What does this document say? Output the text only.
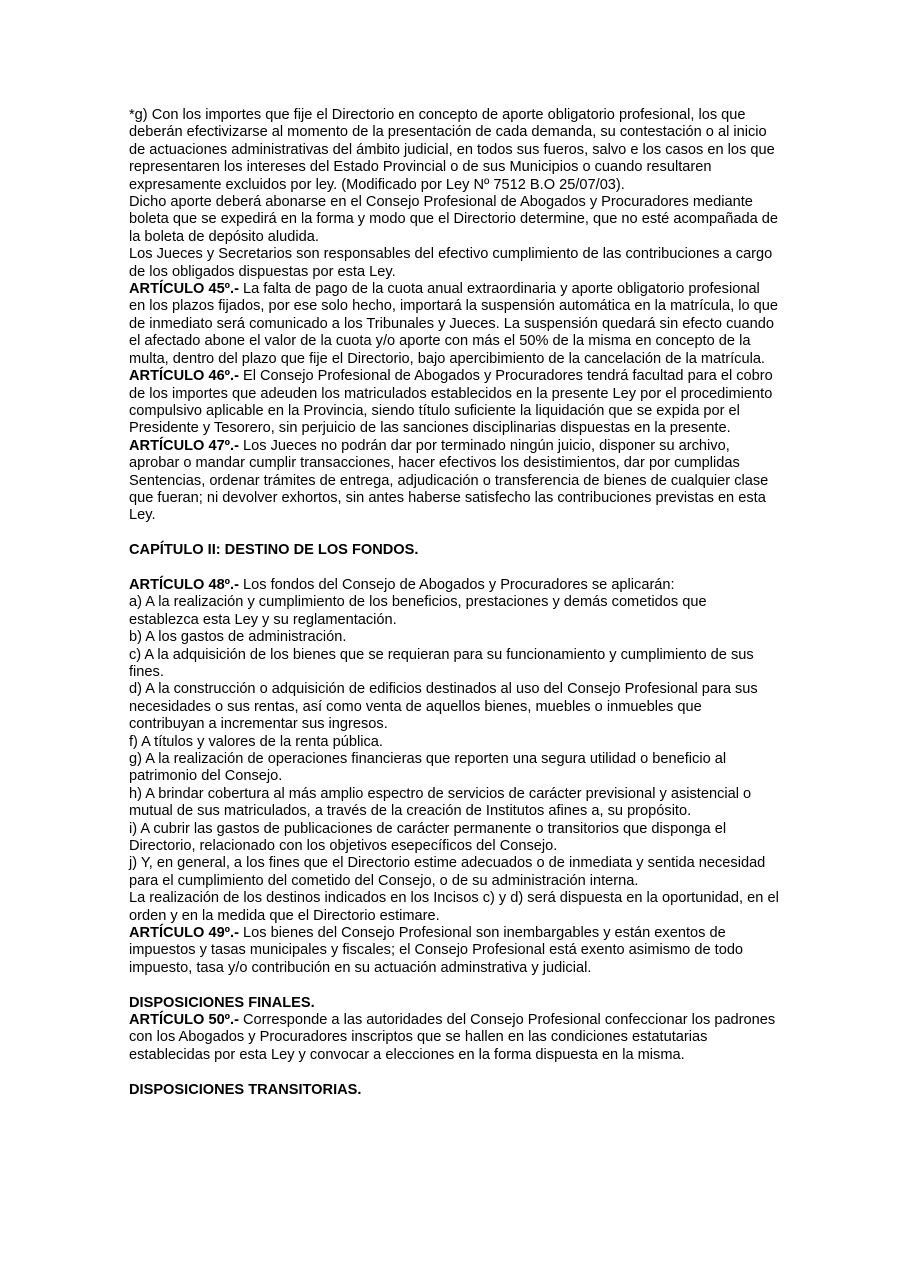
*g) Con los importes que fije el Directorio en concepto de aporte obligatorio profesional, los que deberán efectivizarse al momento de la presentación de cada demanda, su contestación o al inicio de actuaciones administrativas del ámbito judicial, en todos sus fueros, salvo e los casos en los que representaren los intereses del Estado Provincial o de sus Municipios o cuando resultaren expresamente excluidos por ley. (Modificado por Ley Nº 7512 B.O 25/07/03).

Dicho aporte deberá abonarse en el Consejo Profesional de Abogados y Procuradores mediante boleta que se expedirá en la forma y modo que el Directorio determine, que no esté acompañada de la boleta de depósito aludida.

Los Jueces y Secretarios son responsables del efectivo cumplimiento de las contribuciones a cargo de los obligados dispuestas por esta Ley.

ARTÍCULO 45º.- La falta de pago de la cuota anual extraordinaria y aporte obligatorio profesional en los plazos fijados, por ese solo hecho, importará la suspensión automática en la matrícula, lo que de inmediato será comunicado a los Tribunales y Jueces. La suspensión quedará sin efecto cuando el afectado abone el valor de la cuota y/o aporte con más el 50% de la misma en concepto de la multa, dentro del plazo que fije el Directorio, bajo apercibimiento de la cancelación de la matrícula.

ARTÍCULO 46º.- El Consejo Profesional de Abogados y Procuradores tendrá facultad para el cobro de los importes que adeuden los matriculados establecidos en la presente Ley por el procedimiento compulsivo aplicable en la Provincia, siendo título suficiente la liquidación que se expida por el Presidente y Tesorero, sin perjuicio de las sanciones disciplinarias dispuestas en la presente.

ARTÍCULO 47º.- Los Jueces no podrán dar por terminado ningún juicio, disponer su archivo, aprobar o mandar cumplir transacciones, hacer efectivos los desistimientos, dar por cumplidas Sentencias, ordenar trámites de entrega, adjudicación o transferencia de bienes de cualquier clase que fueran; ni devolver exhortos, sin antes haberse satisfecho las contribuciones previstas en esta Ley.

CAPÍTULO II: DESTINO DE LOS FONDOS.

ARTÍCULO 48º.- Los fondos del Consejo de Abogados y Procuradores se aplicarán:

a) A la realización y cumplimiento de los beneficios, prestaciones y demás cometidos que establezca esta Ley y su reglamentación.

b) A los gastos de administración.

c) A la adquisición de los bienes que se requieran para su funcionamiento y cumplimiento de sus fines.

d) A la construcción o adquisición de edificios destinados al uso del Consejo Profesional para sus necesidades o sus rentas, así como venta de aquellos bienes, muebles o inmuebles que contribuyan a incrementar sus ingresos.

f) A títulos y valores de la renta pública.

g) A la realización de operaciones financieras que reporten una segura utilidad o beneficio al patrimonio del Consejo.

h) A brindar cobertura al más amplio espectro de servicios de carácter previsional y asistencial o mutual de sus matriculados, a través de la creación de Institutos afines a, su propósito.

i) A cubrir las gastos de publicaciones de carácter permanente o transitorios que disponga el Directorio, relacionado con los objetivos esepecíficos del Consejo.

j) Y, en general, a los fines que el Directorio estime adecuados o de inmediata y sentida necesidad para el cumplimiento del cometido del Consejo, o de su administración interna.

La realización de los destinos indicados en los Incisos c) y d) será dispuesta en la oportunidad, en el orden y en la medida que el Directorio estimare.

ARTÍCULO 49º.- Los bienes del Consejo Profesional son inembargables y están exentos de impuestos y tasas municipales y fiscales; el Consejo Profesional está exento asimismo de todo impuesto, tasa y/o contribución en su actuación adminstrativa y judicial.

DISPOSICIONES FINALES.

ARTÍCULO 50º.- Corresponde a las autoridades del Consejo Profesional confeccionar los padrones con los Abogados y Procuradores inscriptos que se hallen en las condiciones estatutarias establecidas por esta Ley y convocar a elecciones en la forma dispuesta en la misma.

DISPOSICIONES TRANSITORIAS.
